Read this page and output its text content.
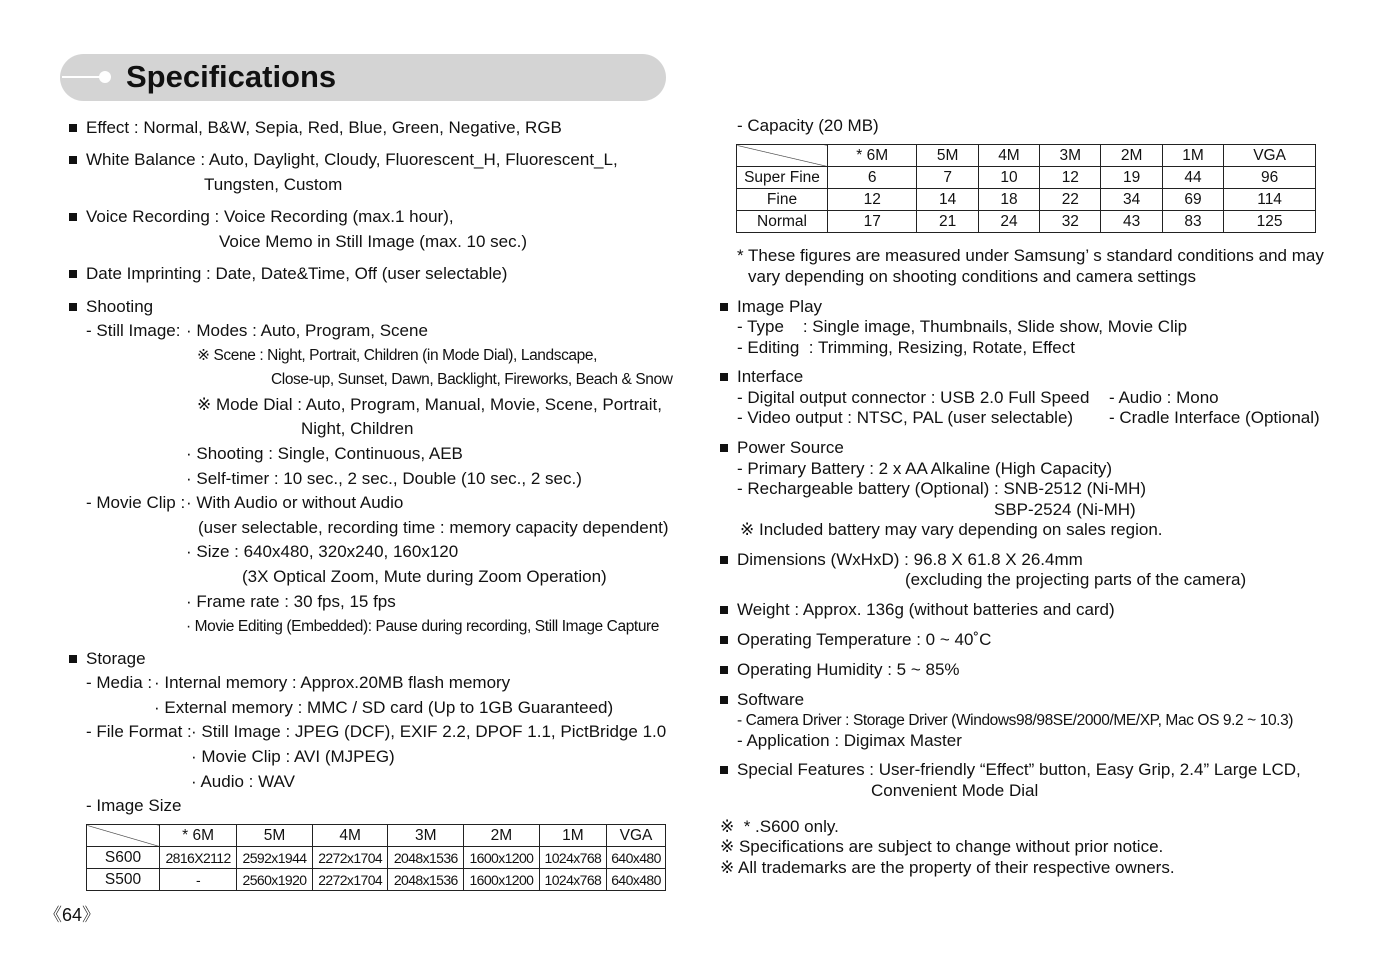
Specifications
Effect : Normal, B&W, Sepia, Red, Blue, Green, Negative, RGB
White Balance : Auto, Daylight, Cloudy, Fluorescent_H, Fluorescent_L,
Tungsten, Custom
Voice Recording : Voice Recording (max.1 hour),
Voice Memo in Still Image (max. 10 sec.)
Date Imprinting : Date, Date&Time, Off (user selectable)
Shooting
- Still Image: · Modes : Auto, Program, Scene
※ Scene : Night, Portrait, Children (in Mode Dial), Landscape,
Close-up, Sunset, Dawn, Backlight, Fireworks, Beach & Snow
※ Mode Dial : Auto, Program, Manual, Movie, Scene, Portrait,
Night, Children
· Shooting : Single, Continuous, AEB
· Self-timer : 10 sec., 2 sec., Double (10 sec., 2 sec.)
- Movie Clip : · With Audio or without Audio
(user selectable, recording time : memory capacity dependent)
· Size : 640x480, 320x240, 160x120
(3X Optical Zoom, Mute during Zoom Operation)
· Frame rate : 30 fps, 15 fps
· Movie Editing (Embedded): Pause during recording, Still Image Capture
Storage
- Media : · Internal memory : Approx.20MB flash memory
· External memory : MMC / SD card (Up to 1GB Guaranteed)
- File Format : · Still Image : JPEG (DCF), EXIF 2.2, DPOF 1.1, PictBridge 1.0
· Movie Clip : AVI (MJPEG)
· Audio : WAV
- Image Size
	* 6M	5M	4M	3M	2M	1M	VGA
S600	2816X2112	2592x1944	2272x1704	2048x1536	1600x1200	1024x768	640x480
S500	-	2560x1920	2272x1704	2048x1536	1600x1200	1024x768	640x480
《64》
- Capacity (20 MB)
	* 6M	5M	4M	3M	2M	1M	VGA
Super Fine	6	7	10	12	19	44	96
Fine	12	14	18	22	34	69	114
Normal	17	21	24	32	43	83	125
* These figures are measured under Samsung’ s standard conditions and may
vary depending on shooting conditions and camera settings
Image Play
- Type    : Single image, Thumbnails, Slide show, Movie Clip
- Editing  : Trimming, Resizing, Rotate, Effect
Interface
- Digital output connector : USB 2.0 Full Speed - Audio : Mono
- Video output : NTSC, PAL (user selectable) - Cradle Interface (Optional)
Power Source
- Primary Battery : 2 x AA Alkaline (High Capacity)
- Rechargeable battery (Optional) : SNB-2512 (Ni-MH)
SBP-2524 (Ni-MH)
※ Included battery may vary depending on sales region.
Dimensions (WxHxD) : 96.8 X 61.8 X 26.4mm
(excluding the projecting parts of the camera)
Weight : Approx. 136g (without batteries and card)
Operating Temperature : 0 ~ 40˚C
Operating Humidity : 5 ~ 85%
Software
- Camera Driver : Storage Driver (Windows98/98SE/2000/ME/XP, Mac OS 9.2 ~ 10.3)
- Application : Digimax Master
Special Features : User-friendly “Effect” button, Easy Grip, 2.4” Large LCD,
Convenient Mode Dial
※  * .S600 only.
※ Specifications are subject to change without prior notice.
※ All trademarks are the property of their respective owners.
